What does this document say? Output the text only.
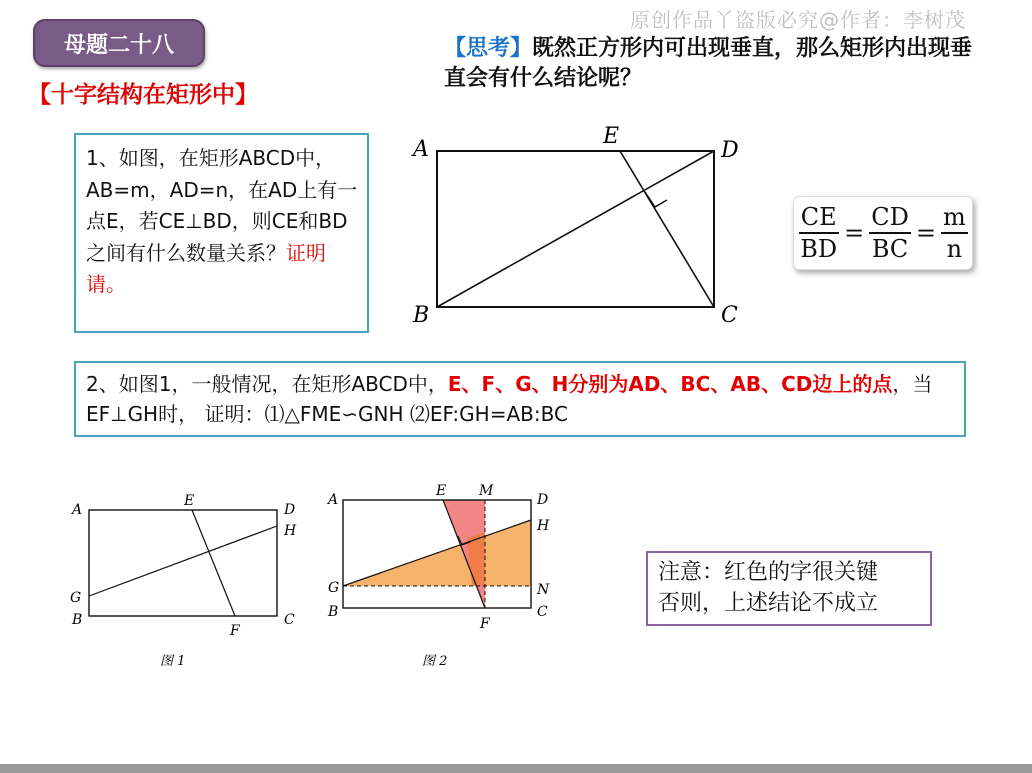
原创作品丫盗版必究@作者：李树茂
母题二十八
【十字结构在矩形中】
【思考】既然正方形内可出现垂直，那么矩形内出现垂直会有什么结论呢？
1、如图，在矩形ABCD中，AB=m，AD=n，在AD上有一点E，若CE⊥BD，则CE和BD之间有什么数量关系？证明请。
A
B	C
D
E
$\frac{CE}{BD} = \frac{CD}{BC} = \frac{m}{n}$
2、如图1，一般情况，在矩形ABCD中，E、F、G、H分别为AD、BC、AB、CD边上的点，当EF⊥GH时， 证明：⑴△FME∽GNH ⑵EF:GH=AB:BC
A
B	C
D
E
F
G
H
图 1
A
B	C
D
E M
F
G
H
N
图 2
注意：红色的字很关键
否则，上述结论不成立
